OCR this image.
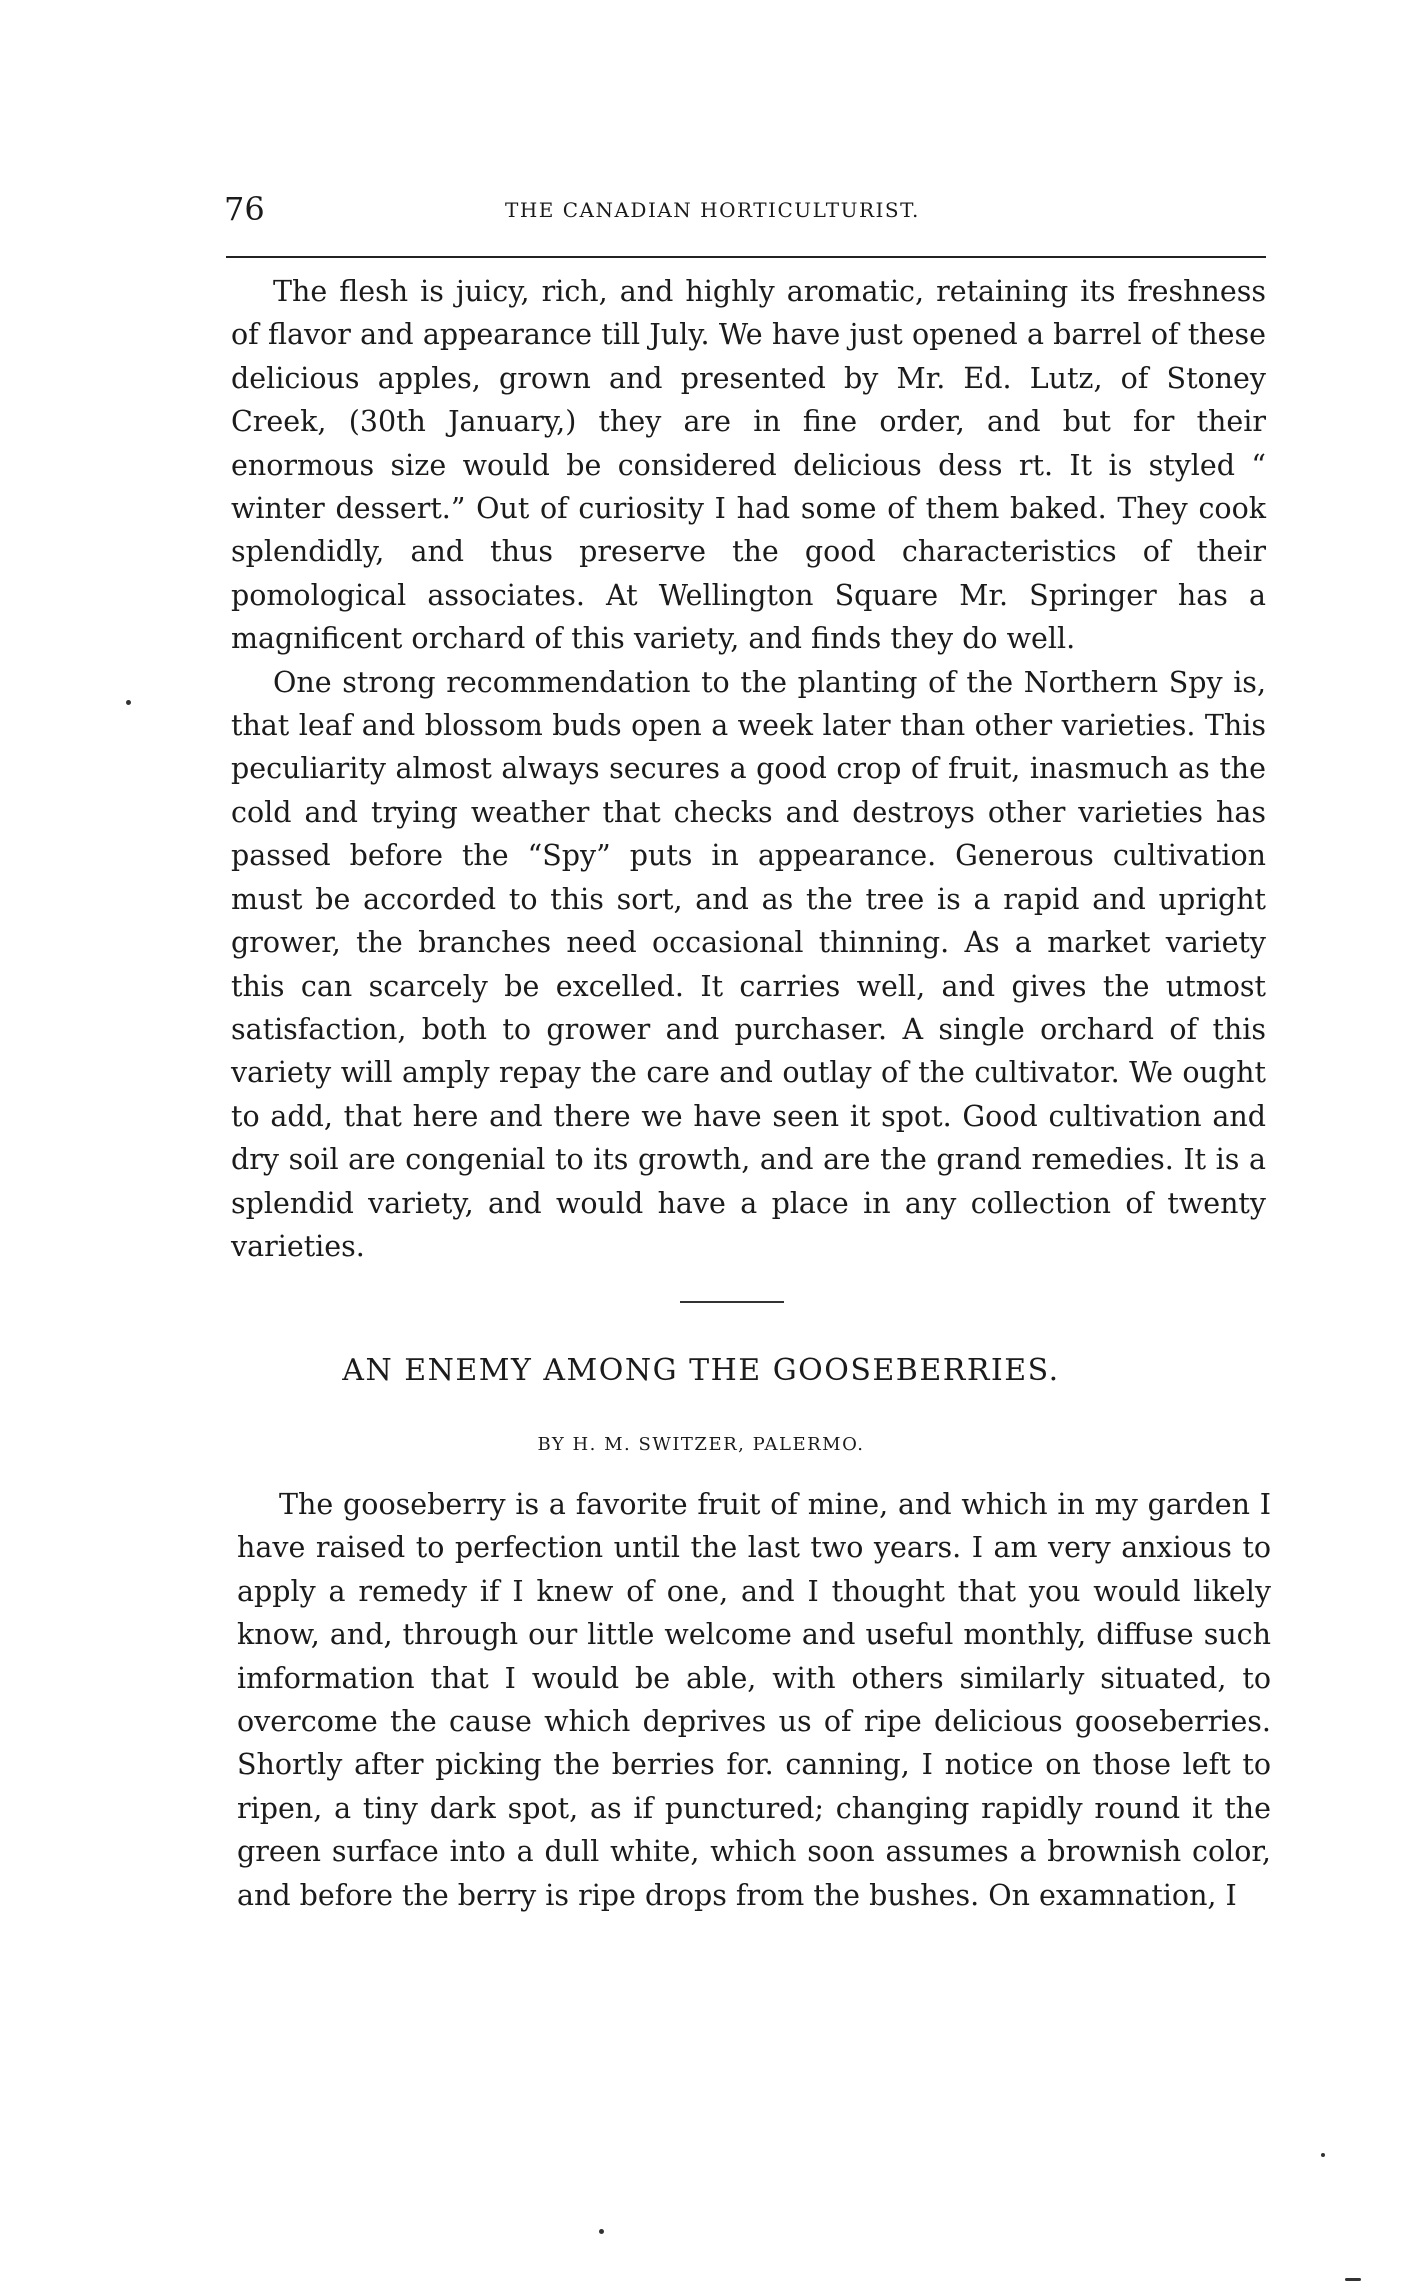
76	THE CANADIAN HORTICULTURIST.

The flesh is juicy, rich, and highly aromatic, retaining its freshness of flavor and appearance till July. We have just opened a barrel of these delicious apples, grown and presented by Mr. Ed. Lutz, of Stoney Creek, (30th January,) they are in fine order, and but for their enormous size would be considered delicious dess rt. It is styled “ winter dessert.” Out of curiosity I had some of them baked. They cook splendidly, and thus preserve the good characteristics of their pomological associates. At Wellington Square Mr. Springer has a magnificent orchard of this variety, and finds they do well.

One strong recommendation to the planting of the Northern Spy is, that leaf and blossom buds open a week later than other varieties. This peculiarity almost always secures a good crop of fruit, inasmuch as the cold and trying weather that checks and destroys other varieties has passed before the “Spy” puts in appearance. Generous cultivation must be accorded to this sort, and as the tree is a rapid and upright grower, the branches need occasional thinning. As a market variety this can scarcely be excelled. It carries well, and gives the utmost satisfaction, both to grower and purchaser. A single orchard of this variety will amply repay the care and outlay of the cultivator. We ought to add, that here and there we have seen it spot. Good cultivation and dry soil are congenial to its growth, and are the grand remedies. It is a splendid variety, and would have a place in any collection of twenty varieties.

AN ENEMY AMONG THE GOOSEBERRIES.
BY H. M. SWITZER, PALERMO.

The gooseberry is a favorite fruit of mine, and which in my garden I have raised to perfection until the last two years. I am very anxious to apply a remedy if I knew of one, and I thought that you would likely know, and, through our little welcome and useful monthly, diffuse such imformation that I would be able, with others similarly situated, to overcome the cause which deprives us of ripe delicious gooseberries. Shortly after picking the berries for. canning, I notice on those left to ripen, a tiny dark spot, as if punctured; changing rapidly round it the green surface into a dull white, which soon assumes a brownish color, and before the berry is ripe drops from the bushes. On examnation, I
